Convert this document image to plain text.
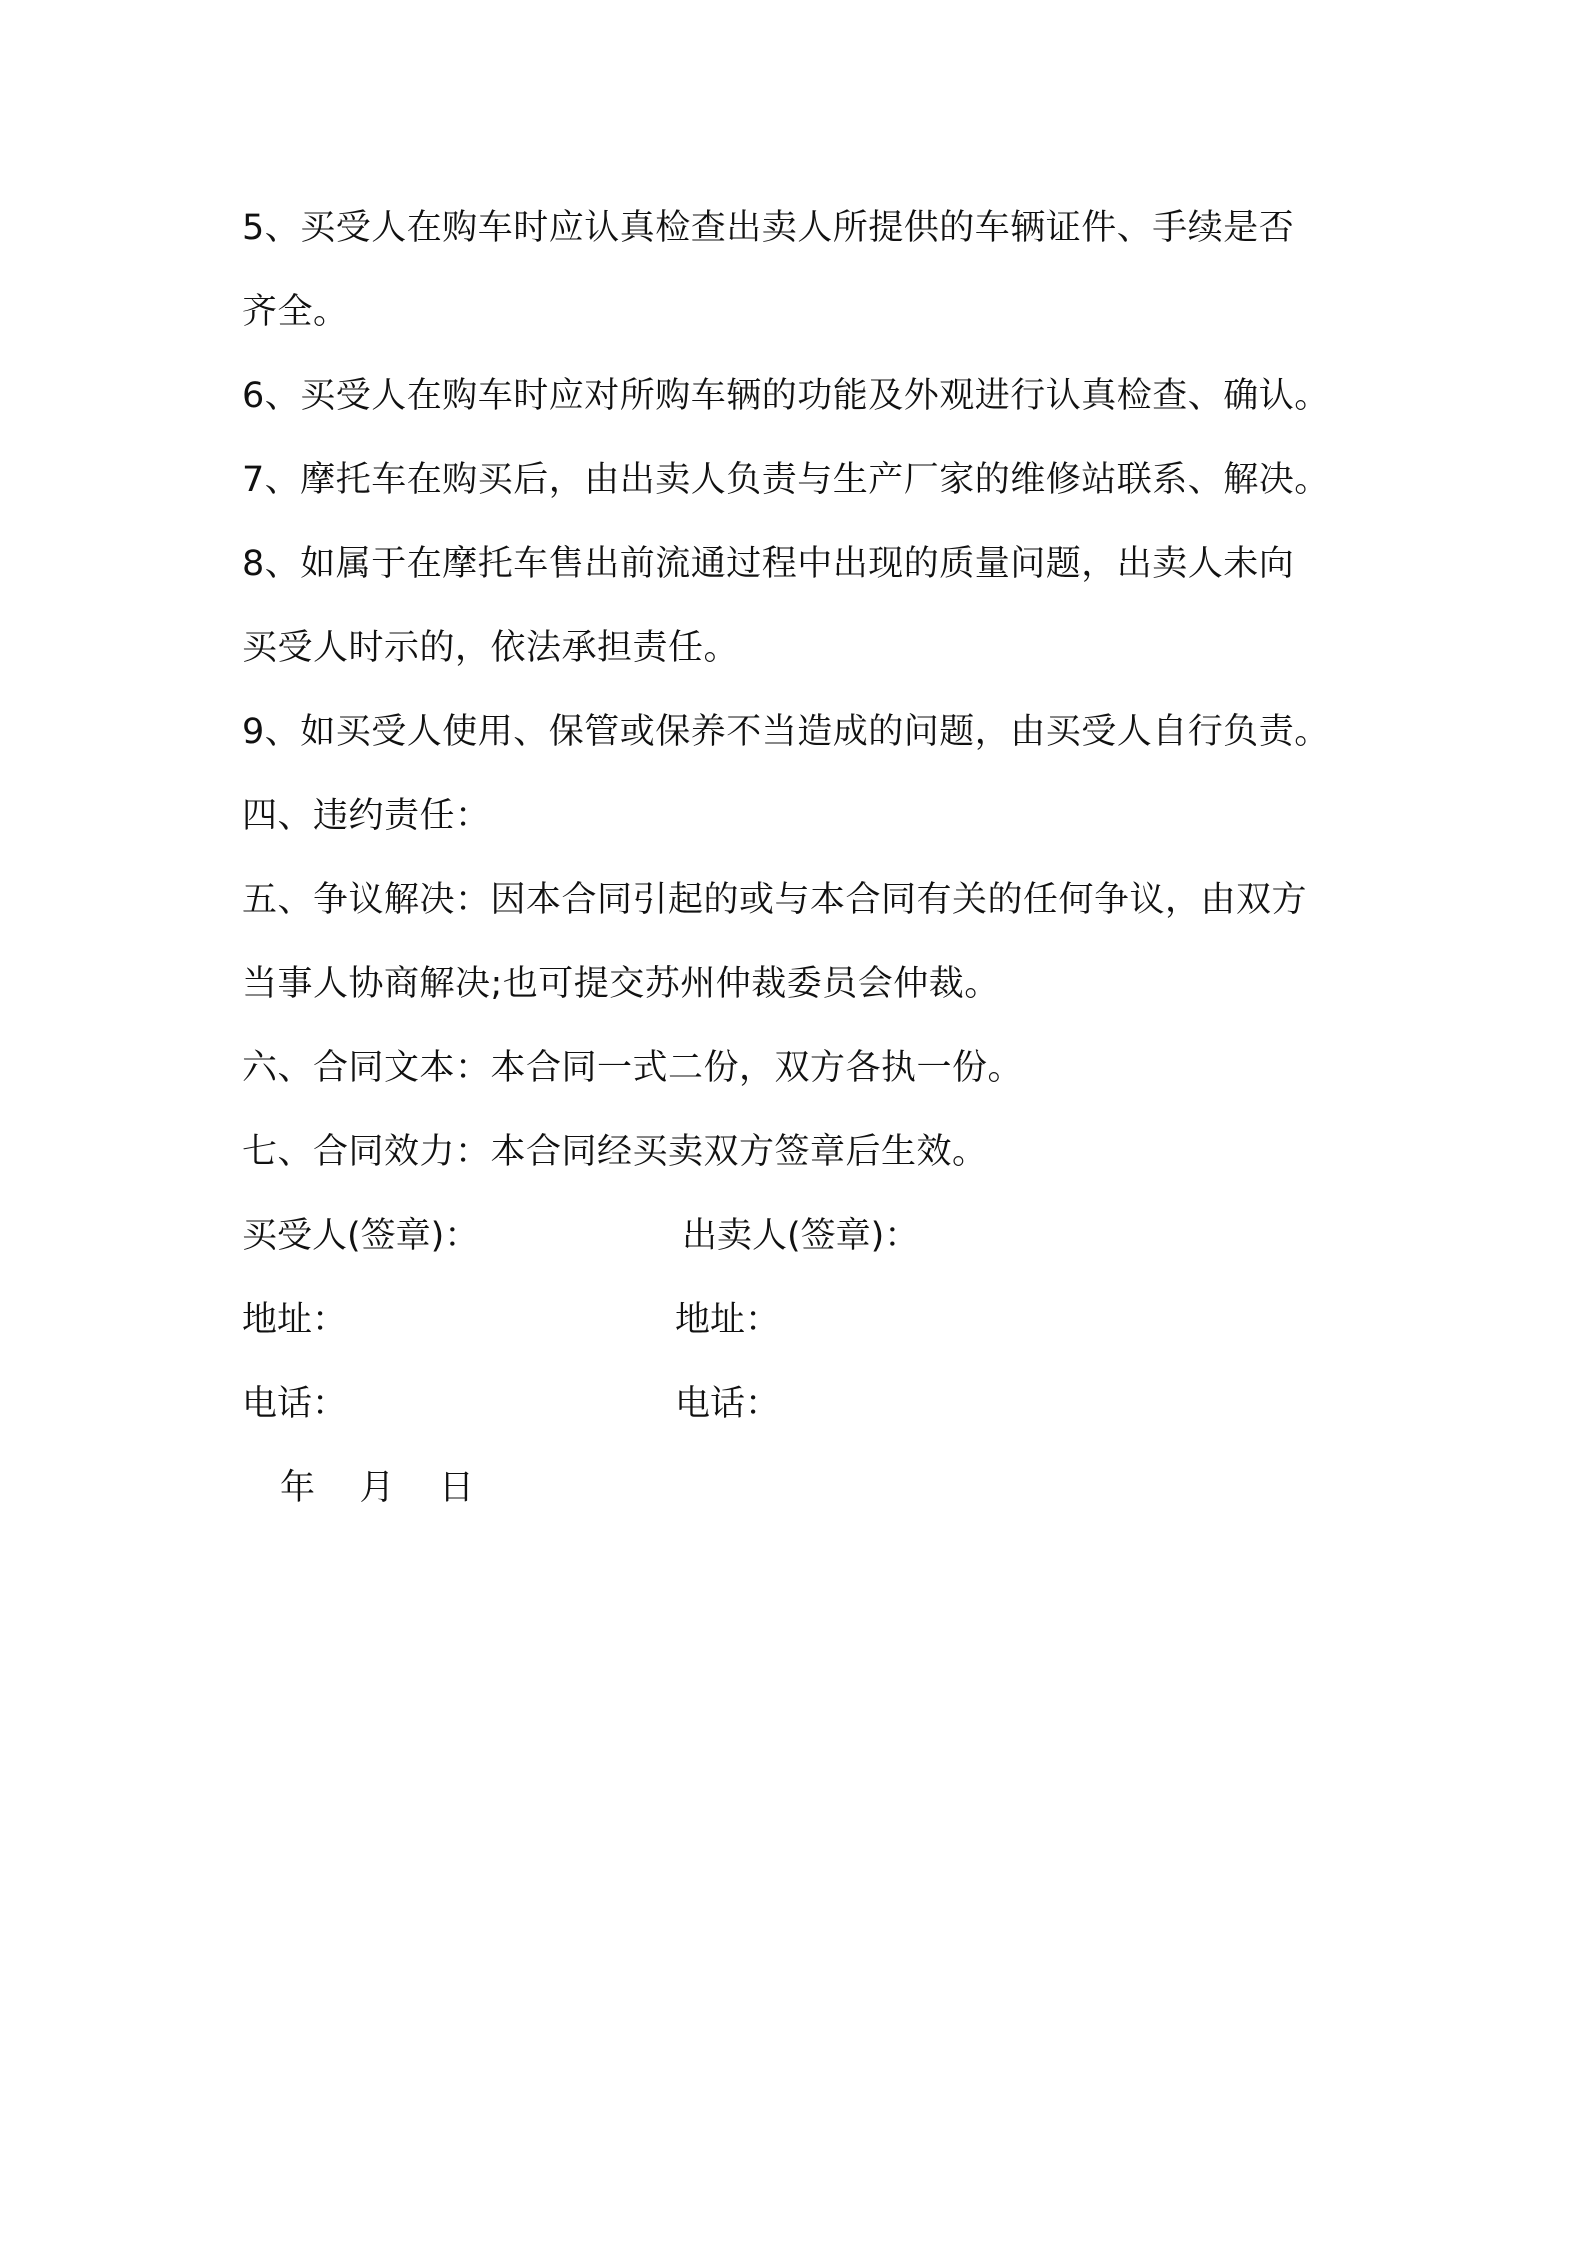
5、买受人在购车时应认真检查出卖人所提供的车辆证件、手续是否
齐全。
6、买受人在购车时应对所购车辆的功能及外观进行认真检查、确认。
7、摩托车在购买后，由出卖人负责与生产厂家的维修站联系、解决。
8、如属于在摩托车售出前流通过程中出现的质量问题，出卖人未向
买受人时示的，依法承担责任。
9、如买受人使用、保管或保养不当造成的问题，由买受人自行负责。
四、违约责任：
五、争议解决：因本合同引起的或与本合同有关的任何争议，由双方
当事人协商解决;也可提交苏州仲裁委员会仲裁。
六、合同文本：本合同一式二份，双方各执一份。
七、合同效力：本合同经买卖双方签章后生效。
买受人(签章)：	出卖人(签章)：
地址：	地址：
电话：	电话：
年    月    日
